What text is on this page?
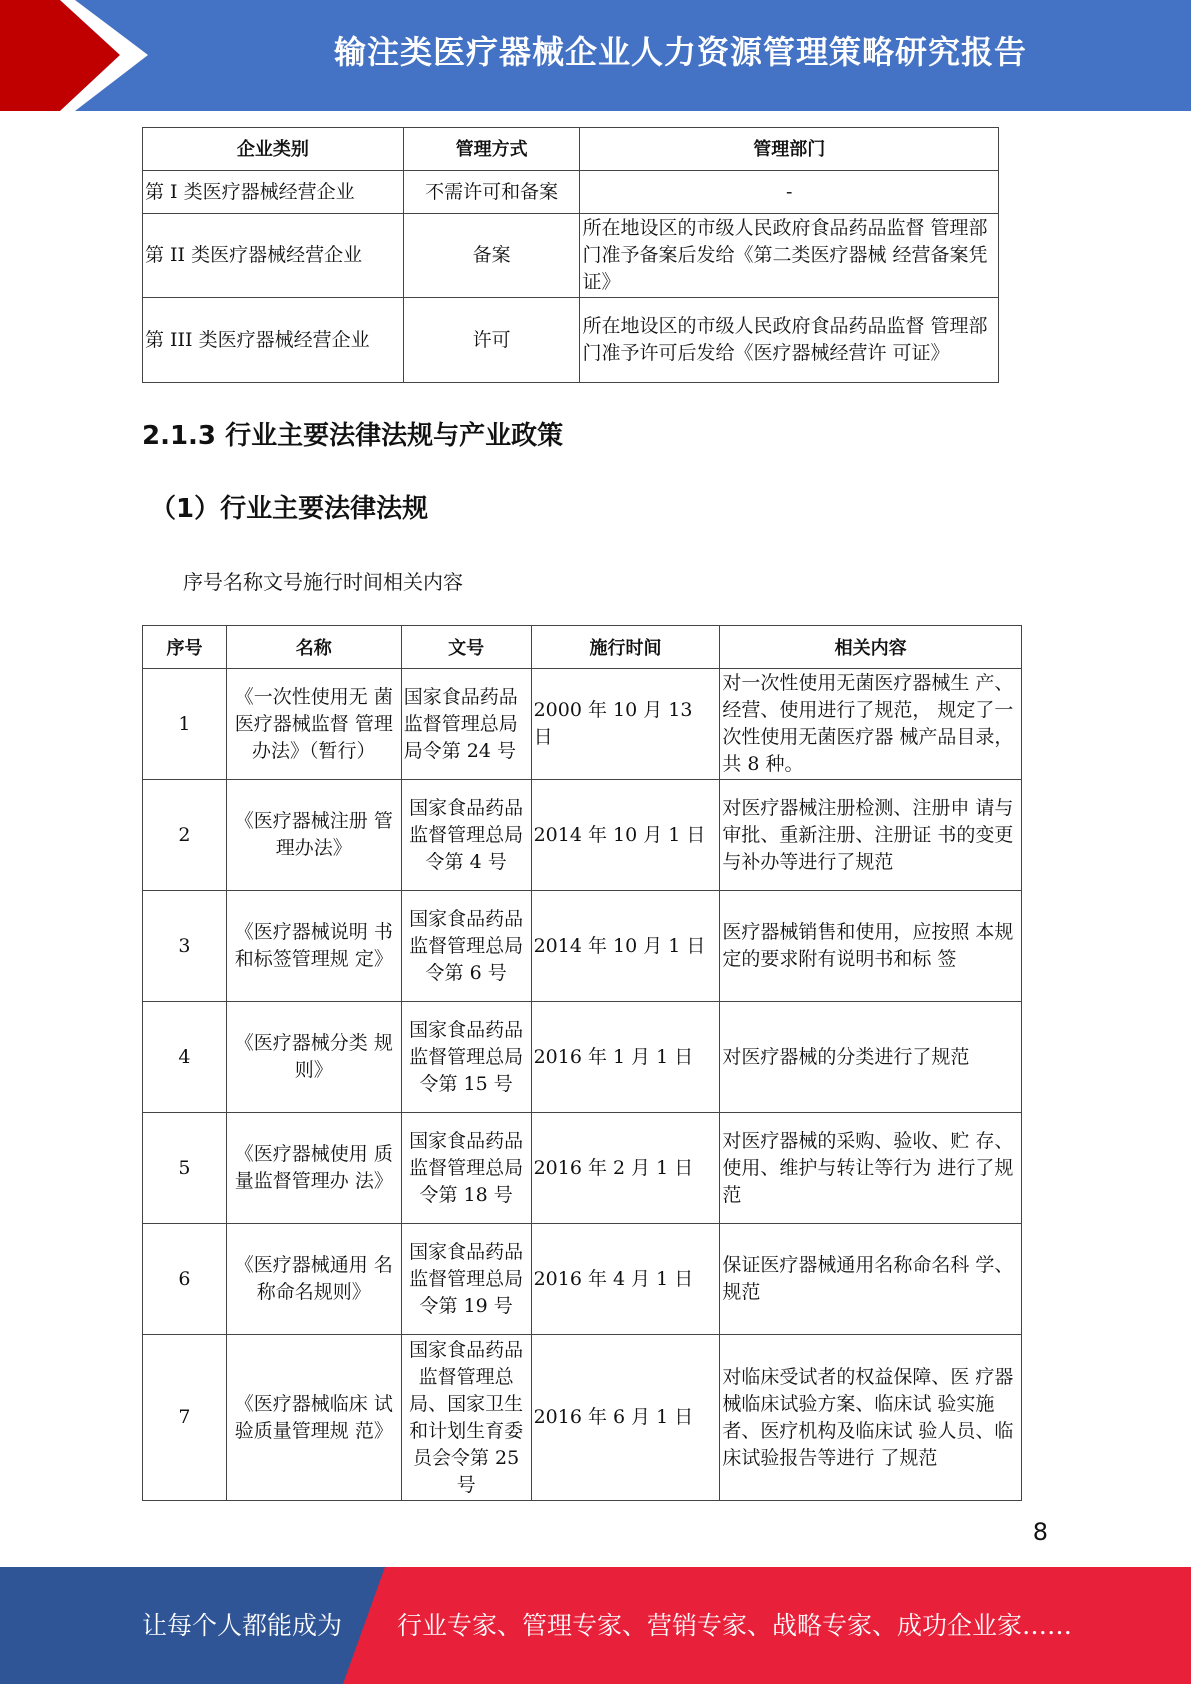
输注类医疗器械企业人力资源管理策略研究报告
企业类别	管理方式	管理部门
第 I 类医疗器械经营企业	不需许可和备案	-
第 II 类医疗器械经营企业	备案	所在地设区的市级人民政府食品药品监督 管理部门准予备案后发给《第二类医疗器械 经营备案凭证》
第 III 类医疗器械经营企业	许可	所在地设区的市级人民政府食品药品监督 管理部门准予许可后发给《医疗器械经营许 可证》
2.1.3 行业主要法律法规与产业政策
（1）行业主要法律法规
序号名称文号施行时间相关内容
序号	名称	文号	施行时间	相关内容
1	《一次性使用无 菌医疗器械监督 管理办法》（暂行）	国家食品药品监督管理总局局令第 24 号	2000 年 10 月 13 日	对一次性使用无菌医疗器械生 产、经营、使用进行了规范， 规定了一次性使用无菌医疗器 械产品目录，共 8 种。
2	《医疗器械注册 管理办法》	国家食品药品监督管理总局令第 4 号	2014 年 10 月 1 日	对医疗器械注册检测、注册申 请与审批、重新注册、注册证 书的变更与补办等进行了规范
3	《医疗器械说明 书和标签管理规 定》	国家食品药品监督管理总局令第 6 号	2014 年 10 月 1 日	医疗器械销售和使用，应按照 本规定的要求附有说明书和标 签
4	《医疗器械分类 规则》	国家食品药品监督管理总局令第 15 号	2016 年 1 月 1 日	对医疗器械的分类进行了规范
5	《医疗器械使用 质量监督管理办 法》	国家食品药品监督管理总局令第 18 号	2016 年 2 月 1 日	对医疗器械的采购、验收、贮 存、使用、维护与转让等行为 进行了规范
6	《医疗器械通用 名称命名规则》	国家食品药品监督管理总局令第 19 号	2016 年 4 月 1 日	保证医疗器械通用名称命名科 学、规范
7	《医疗器械临床 试验质量管理规 范》	国家食品药品监督管理总局、国家卫生和计划生育委员会令第 25 号	2016 年 6 月 1 日	对临床受试者的权益保障、医 疗器械临床试验方案、临床试 验实施者、医疗机构及临床试 验人员、临床试验报告等进行 了规范
8
让每个人都能成为 行业专家、管理专家、营销专家、战略专家、成功企业家……
